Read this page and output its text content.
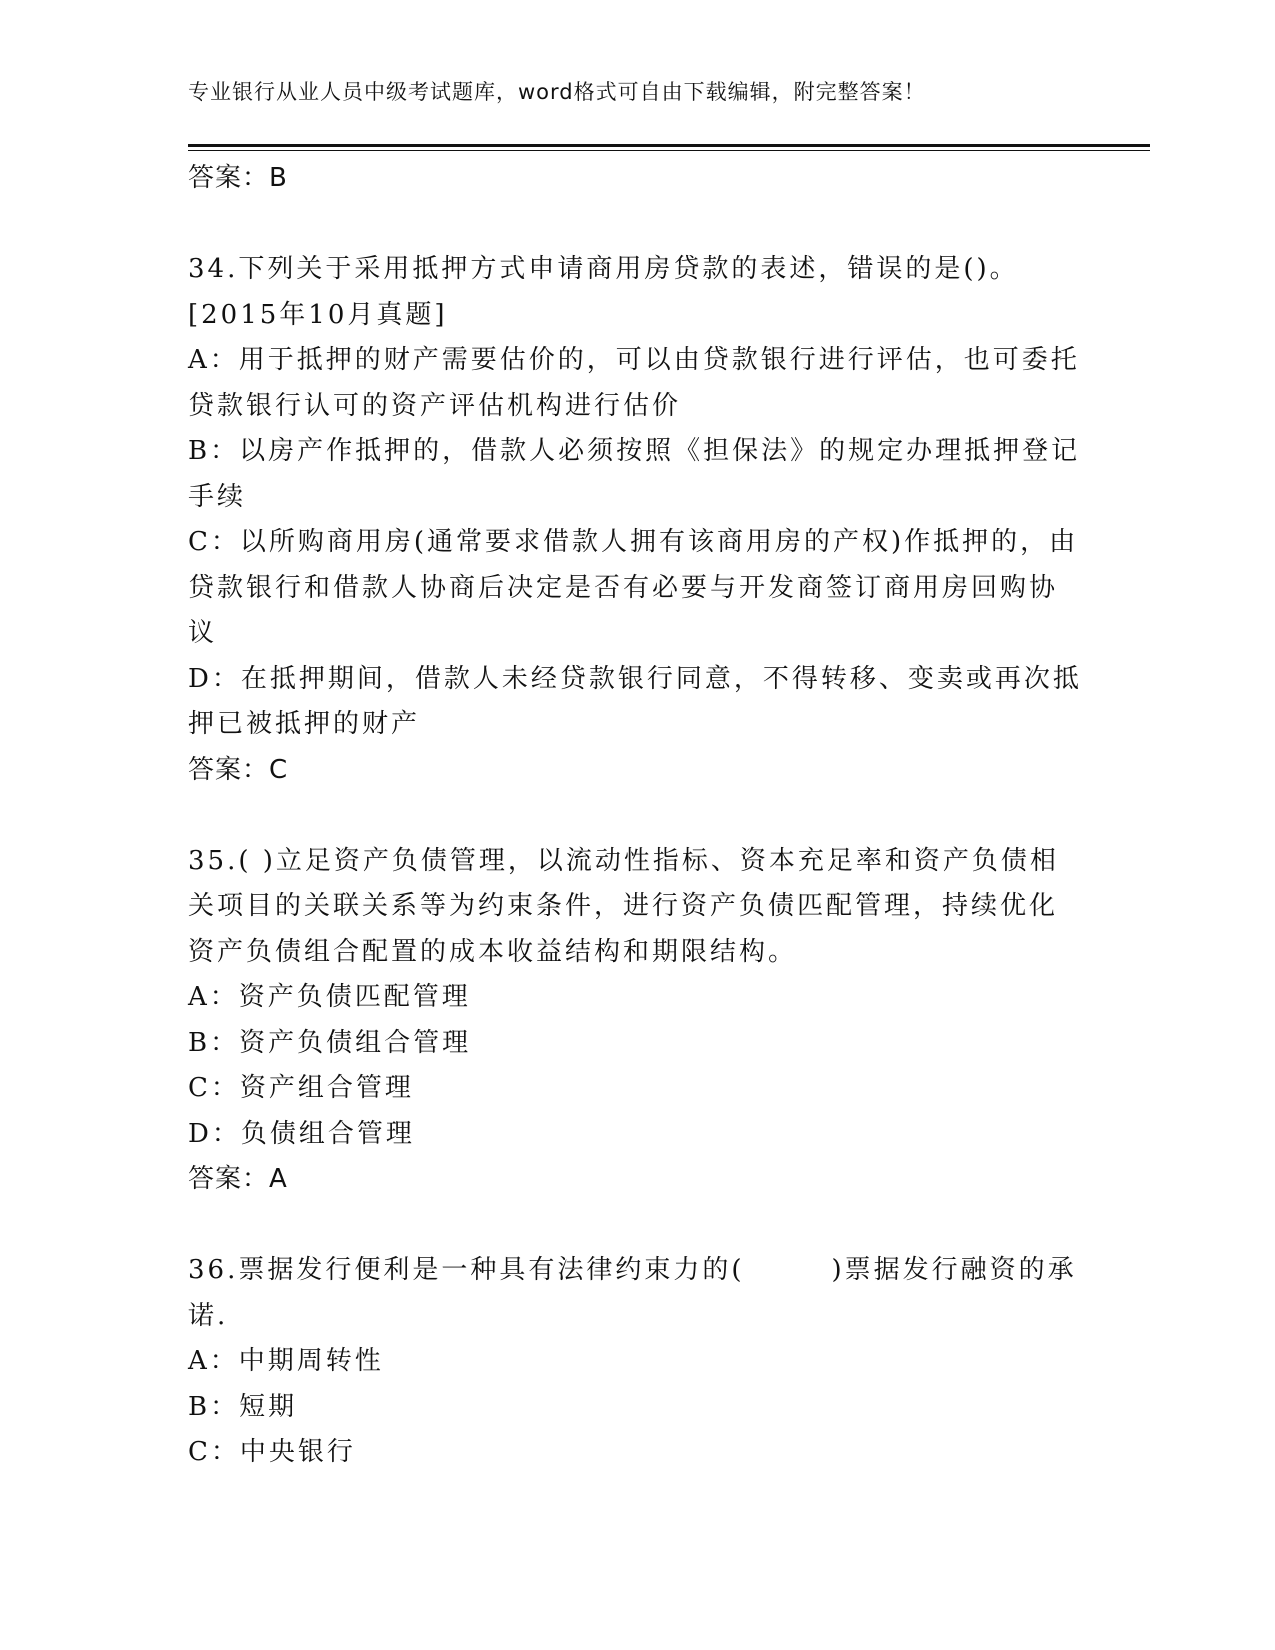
专业银行从业人员中级考试题库，word格式可自由下载编辑，附完整答案！
答案：B
34.下列关于采用抵押方式申请商用房贷款的表述，错误的是()。
[2015年10月真题]
A：用于抵押的财产需要估价的，可以由贷款银行进行评估，也可委托
贷款银行认可的资产评估机构进行估价
B：以房产作抵押的，借款人必须按照《担保法》的规定办理抵押登记
手续
C：以所购商用房(通常要求借款人拥有该商用房的产权)作抵押的，由
贷款银行和借款人协商后决定是否有必要与开发商签订商用房回购协
议
D：在抵押期间，借款人未经贷款银行同意，不得转移、变卖或再次抵
押已被抵押的财产
答案：C
35.( )立足资产负债管理，以流动性指标、资本充足率和资产负债相
关项目的关联关系等为约束条件，进行资产负债匹配管理，持续优化
资产负债组合配置的成本收益结构和期限结构。
A：资产负债匹配管理
B：资产负债组合管理
C：资产组合管理
D：负债组合管理
答案：A
36.票据发行便利是一种具有法律约束力的(　　　)票据发行融资的承
诺.
A：中期周转性
B：短期
C：中央银行
